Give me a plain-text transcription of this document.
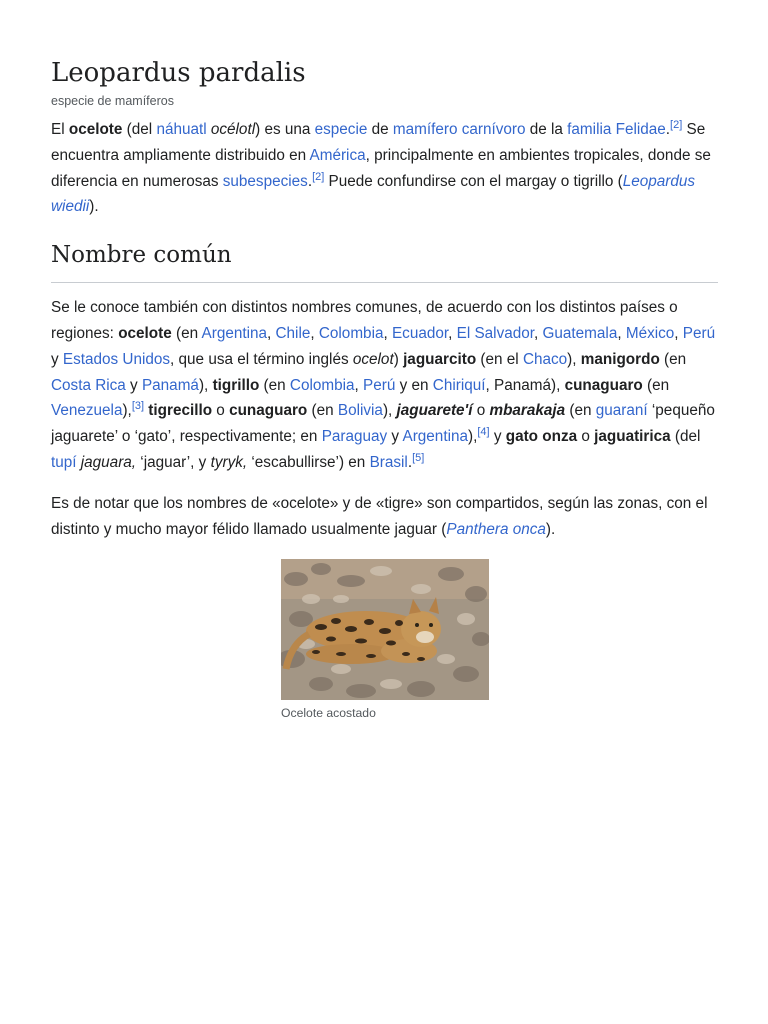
Leopardus pardalis
especie de mamíferos

El ocelote (del náhuatl océlotl) es una especie de mamífero carnívoro de la familia Felidae.[2] Se encuentra ampliamente distribuido en América, principalmente en ambientes tropicales, donde se diferencia en numerosas subespecies.[2] Puede confundirse con el margay o tigrillo (Leopardus wiedii).

Nombre común

Se le conoce también con distintos nombres comunes, de acuerdo con los distintos países o regiones: ocelote (en Argentina, Chile, Colombia, Ecuador, El Salvador, Guatemala, México, Perú y Estados Unidos, que usa el término inglés ocelot) jaguarcito (en el Chaco), manigordo (en Costa Rica y Panamá), tigrillo (en Colombia, Perú y en Chiriquí, Panamá), cunaguaro (en Venezuela),[3] tigrecillo o cunaguaro (en Bolivia), jaguarete'í o mbarakaja (en guaraní ‘pequeño jaguarete’ o ‘gato’, respectivamente; en Paraguay y Argentina),[4] y gato onza o jaguatirica (del tupí jaguara, ‘jaguar’, y tyryk, ‘escabullirse’) en Brasil.[5]

Es de notar que los nombres de «ocelote» y de «tigre» son compartidos, según las zonas, con el distinto y mucho mayor félido llamado usualmente jaguar (Panthera onca).

Ocelote acostado
